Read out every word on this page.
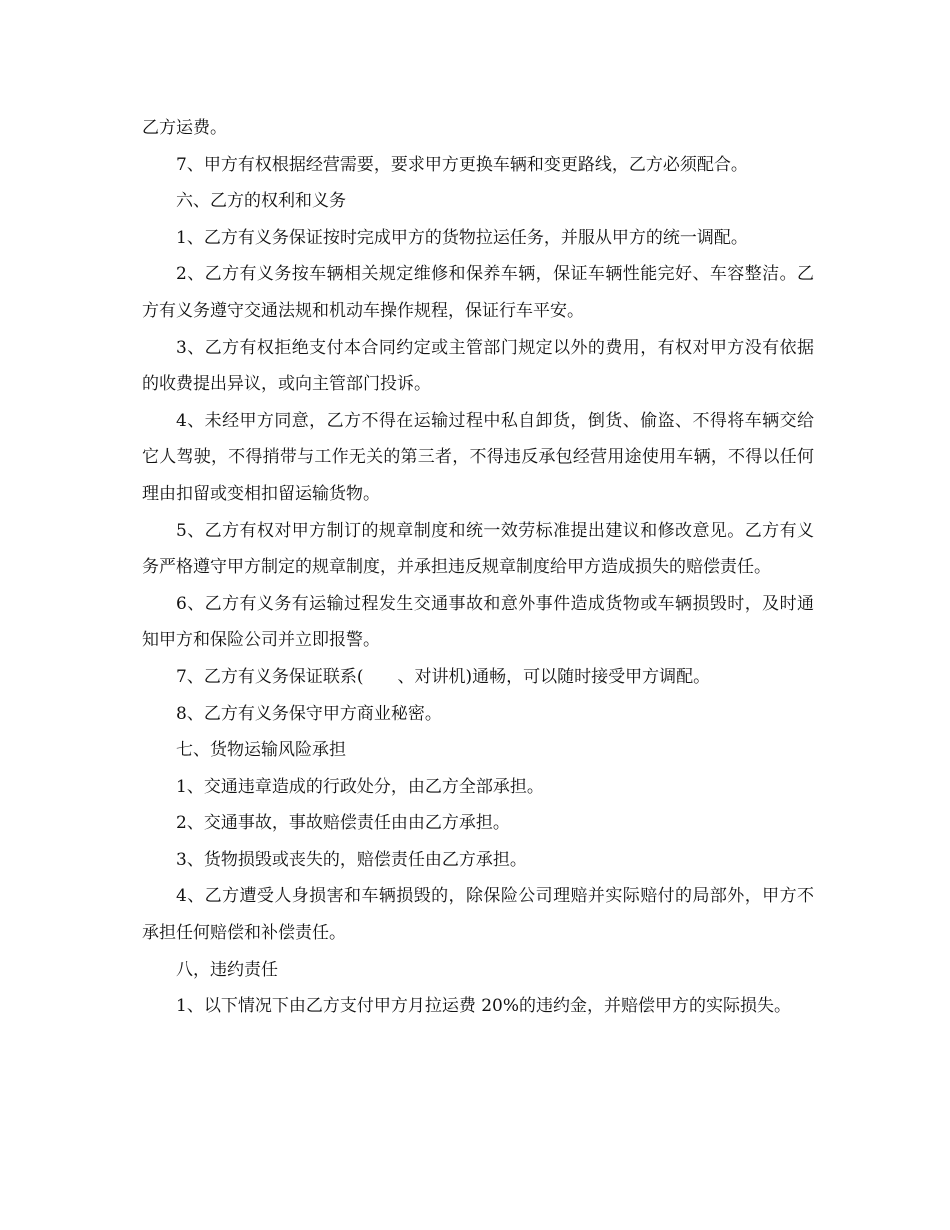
乙方运费。

7、甲方有权根据经营需要，要求甲方更换车辆和变更路线，乙方必须配合。

六、乙方的权利和义务

1、乙方有义务保证按时完成甲方的货物拉运任务，并服从甲方的统一调配。

2、乙方有义务按车辆相关规定维修和保养车辆，保证车辆性能完好、车容整洁。乙方有义务遵守交通法规和机动车操作规程，保证行车平安。

3、乙方有权拒绝支付本合同约定或主管部门规定以外的费用，有权对甲方没有依据的收费提出异议，或向主管部门投诉。

4、未经甲方同意，乙方不得在运输过程中私自卸货，倒货、偷盗、不得将车辆交给它人驾驶，不得捎带与工作无关的第三者，不得违反承包经营用途使用车辆，不得以任何理由扣留或变相扣留运输货物。

5、乙方有权对甲方制订的规章制度和统一效劳标准提出建议和修改意见。乙方有义务严格遵守甲方制定的规章制度，并承担违反规章制度给甲方造成损失的赔偿责任。

6、乙方有义务有运输过程发生交通事故和意外事件造成货物或车辆损毁时，及时通知甲方和保险公司并立即报警。

7、乙方有义务保证联系(　　、对讲机)通畅，可以随时接受甲方调配。

8、乙方有义务保守甲方商业秘密。

七、货物运输风险承担

1、交通违章造成的行政处分，由乙方全部承担。

2、交通事故，事故赔偿责任由由乙方承担。

3、货物损毁或丧失的，赔偿责任由乙方承担。

4、乙方遭受人身损害和车辆损毁的，除保险公司理赔并实际赔付的局部外，甲方不承担任何赔偿和补偿责任。

八，违约责任

1、以下情况下由乙方支付甲方月拉运费 20%的违约金，并赔偿甲方的实际损失。
